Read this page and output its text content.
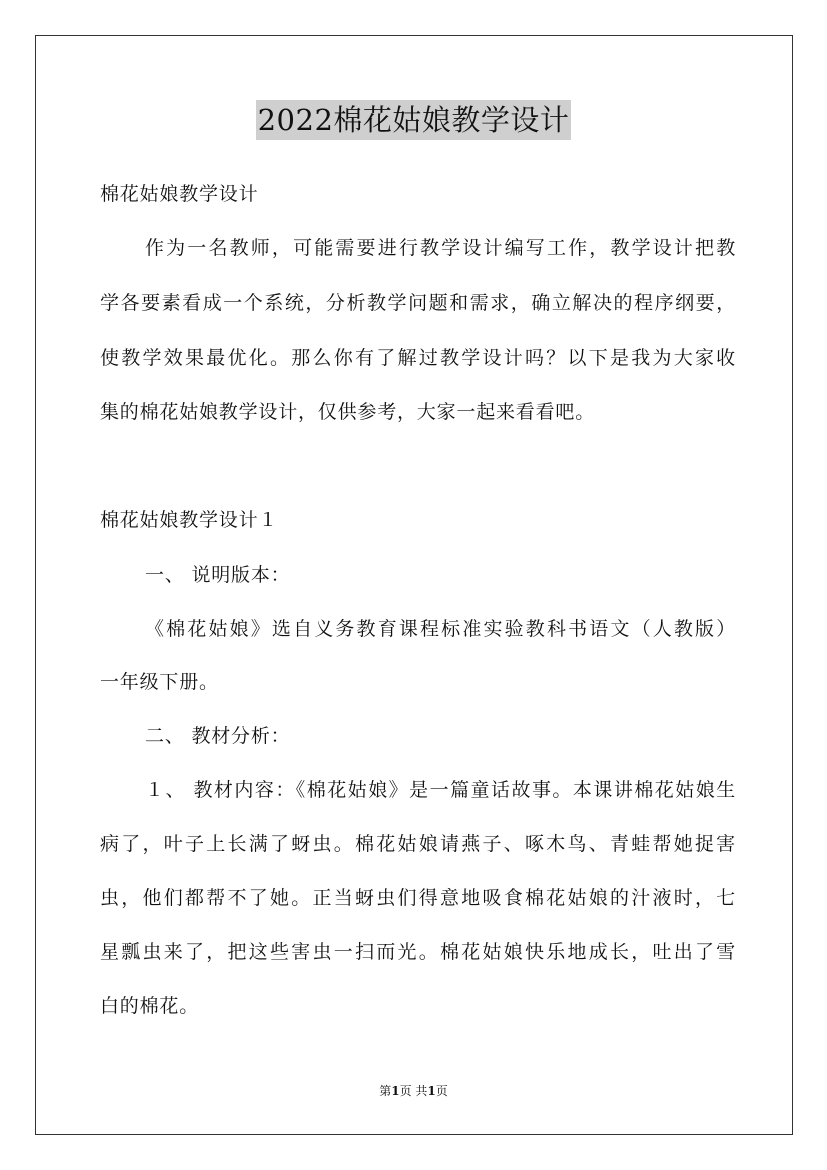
2022棉花姑娘教学设计
棉花姑娘教学设计
作为一名教师，可能需要进行教学设计编写工作，教学设计把教
学各要素看成一个系统，分析教学问题和需求，确立解决的程序纲要，
使教学效果最优化。那么你有了解过教学设计吗？以下是我为大家收
集的棉花姑娘教学设计，仅供参考，大家一起来看看吧。
棉花姑娘教学设计１
一、 说明版本：
《棉花姑娘》选自义务教育课程标准实验教科书语文（人教版）
一年级下册。
二、 教材分析：
１、 教材内容：《棉花姑娘》是一篇童话故事。本课讲棉花姑娘生
病了，叶子上长满了蚜虫。棉花姑娘请燕子、啄木鸟、青蛙帮她捉害
虫，他们都帮不了她。正当蚜虫们得意地吸食棉花姑娘的汁液时，七
星瓢虫来了，把这些害虫一扫而光。棉花姑娘快乐地成长，吐出了雪
白的棉花。
第1页 共1页
